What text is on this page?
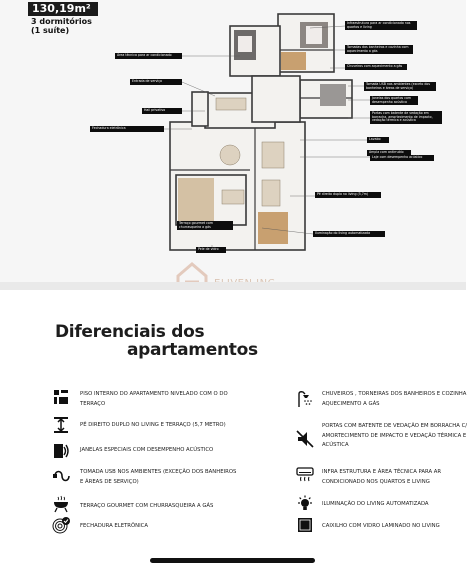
130,19m²
3 dormitórios
(1 suíte)
Infraestrutura para ar condicionado nos quartos e living
Área técnica para ar condicionado
Tomadas dos banheiros e cozinha com aquecimento a gás
Chuveiros com aquecimento a gás
Entrada de serviço
Tomada USB nos ambientes (exceto dos banheiros e áreas de serviço)
Janelas dos quartos com desempenho acústico
Hall privativo
Portas com batente de vedação em borracha, amortecimento de impacto, vedação térmica e acústica
Fechadura eletrônica
Lavabo
Ampla com antirruído
Laje com desempenho acústico
Pé direito duplo no living (5,7m)
Terraço gourmet com churrasqueira a gás
Iluminação do living automatizada
Pele de vidro
Diferenciais dos
apartamentos
PISO INTERNO DO APARTAMENTO NIVELADO COM O DO
TERRAÇO
PÉ DIREITO DUPLO NO LIVING E TERRAÇO (5,7 METRO)
JANELAS ESPECIAIS COM DESEMPENHO ACÚSTICO
TOMADA USB NOS AMBIENTES (EXCEÇÃO DOS BANHEIROS
E ÁREAS DE SERVIÇO)
TERRAÇO GOURMET COM CHURRASQUEIRA A GÁS
FECHADURA ELETRÔNICA
CHUVEIROS , TORNEIRAS DOS BANHEIROS E COZINHA
AQUECIMENTO A GÁS
PORTAS COM BATENTE DE VEDAÇÃO EM BORRACHA C/
AMORTECIMENTO DE IMPACTO E VEDAÇÃO TÉRMICA E
ACÚSTICA
INFRA ESTRUTURA E ÁREA TÉCNICA PARA AR
CONDICIONADO NOS QUARTOS E LIVING
ILUMINAÇÃO DO LIVING AUTOMATIZADA
CAIXILHO COM VIDRO LAMINADO NO LIVING
